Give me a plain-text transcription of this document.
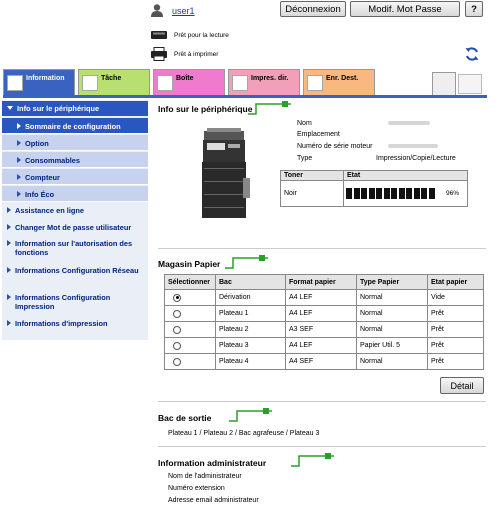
user1	Déconnexion	Modif. Mot Passe	?
Prêt pour la lecture
Prêt à imprimer
Information	Tâche	Boîte	Impres. dir.	Enr. Dest.
Info sur le périphérique
Sommaire de configuration
Option
Consommables
Compteur
Info Éco
Assistance en ligne
Changer Mot de passe utilisateur
Information sur l'autorisation des fonctions
Informations Configuration Réseau
Informations Configuration Impression
Informations d'impression
Info sur le périphérique
Nom
Emplacement
Numéro de série moteur
Type	Impression/Copie/Lecture
Toner	Etat	
Noir		96%
Magasin Papier
Sélectionner	Bac	Format papier	Type Papier	Etat papier
	Dérivation	A4 LEF	Normal	Vide
	Plateau 1	A4 LEF	Normal	Prêt
	Plateau 2	A3 SEF	Normal	Prêt
	Plateau 3	A4 LEF	Papier Util. 5	Prêt
	Plateau 4	A4 SEF	Normal	Prêt
Détail
Bac de sortie
Plateau 1 / Plateau 2 / Bac agrafeuse / Plateau 3
Information administrateur
Nom de l'administrateur
Numéro extension
Adresse email administrateur
